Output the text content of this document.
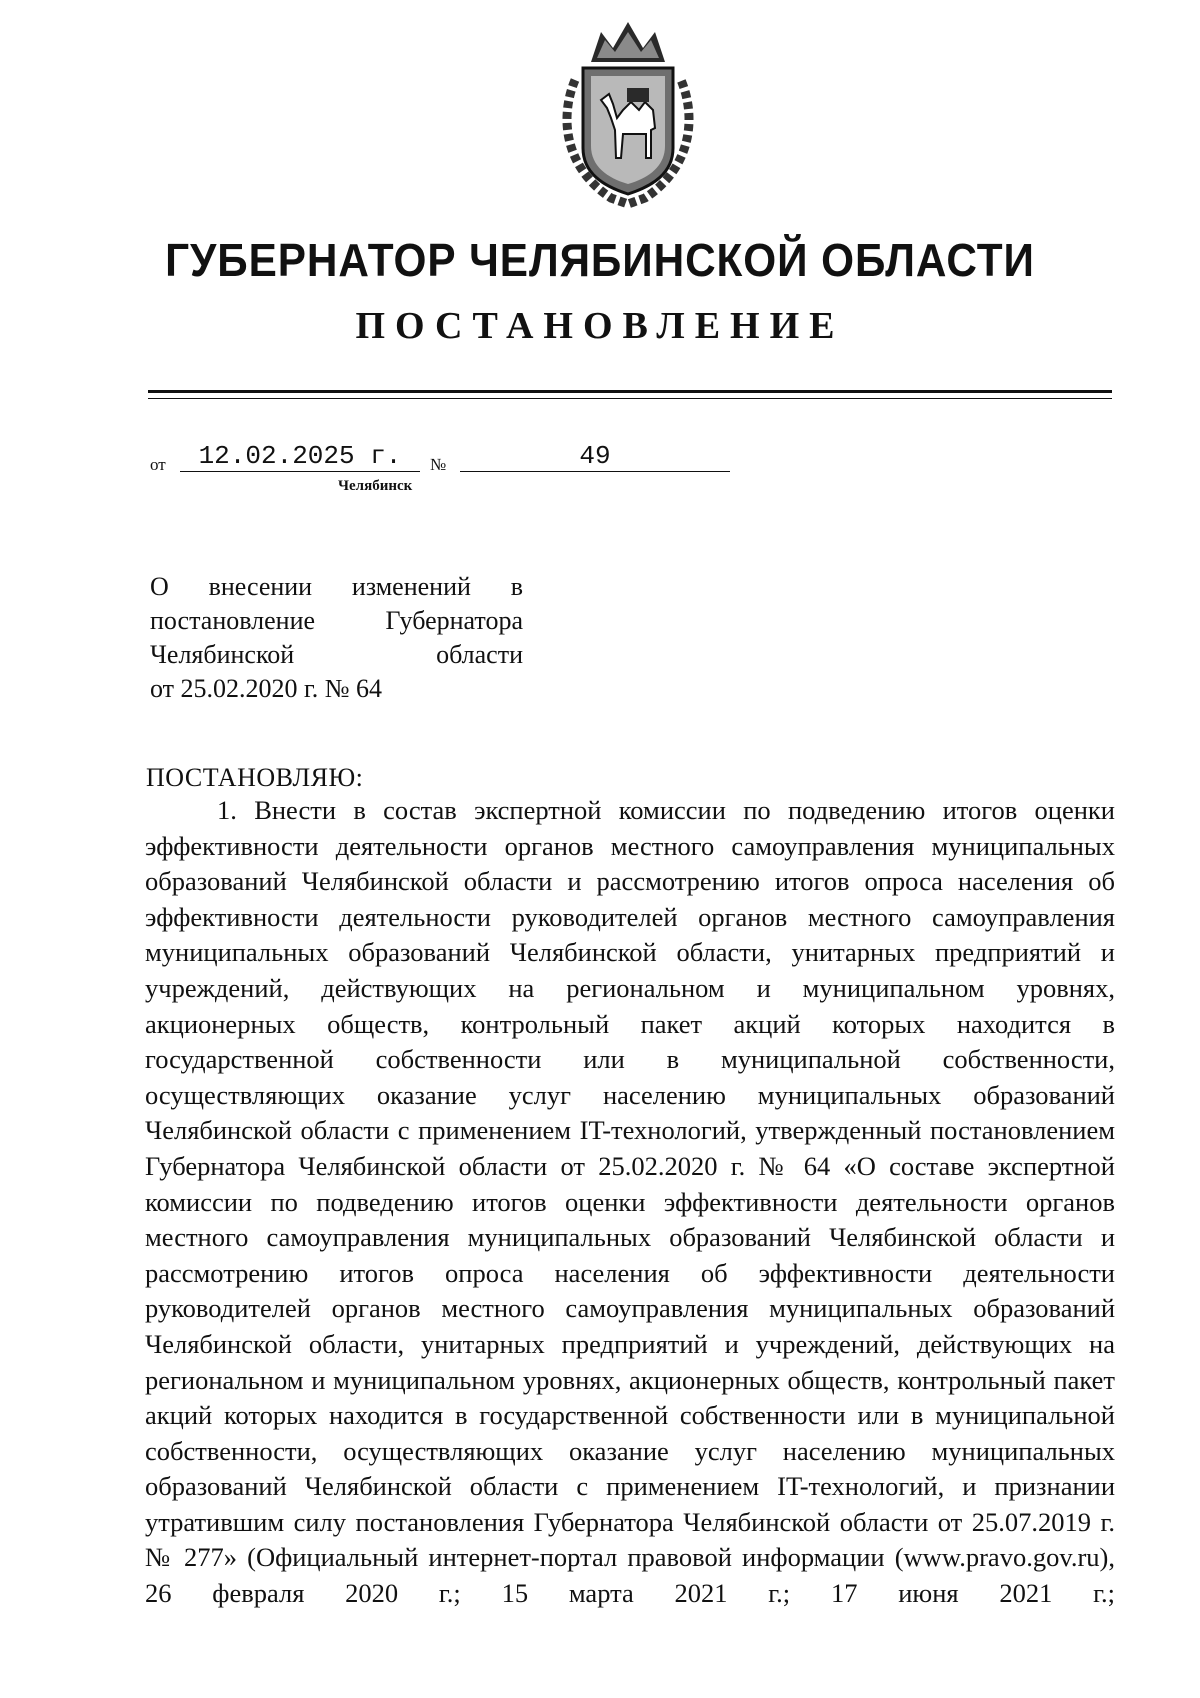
ГУБЕРНАТОР ЧЕЛЯБИНСКОЙ ОБЛАСТИ
ПОСТАНОВЛЕНИЕ
от	12.02.2025 г.	№	49
Челябинск
О внесении изменений в
постановление Губернатора
Челябинской области
от 25.02.2020 г. № 64
ПОСТАНОВЛЯЮ:

1. Внести в состав экспертной комиссии по подведению итогов оценки эффективности деятельности органов местного самоуправления муниципальных образований Челябинской области и рассмотрению итогов опроса населения об эффективности деятельности руководителей органов местного самоуправления муниципальных образований Челябинской области, унитарных предприятий и учреждений, действующих на региональном и муниципальном уровнях, акционерных обществ, контрольный пакет акций которых находится в государственной собственности или в муниципальной собственности, осуществляющих оказание услуг населению муниципальных образований Челябинской области с применением IT-технологий, утвержденный постановлением Губернатора Челябинской области от 25.02.2020 г. № 64 «О составе экспертной комиссии по подведению итогов оценки эффективности деятельности органов местного самоуправления муниципальных образований Челябинской области и рассмотрению итогов опроса населения об эффективности деятельности руководителей органов местного самоуправления муниципальных образований Челябинской области, унитарных предприятий и учреждений, действующих на региональном и муниципальном уровнях, акционерных обществ, контрольный пакет акций которых находится в государственной собственности или в муниципальной собственности, осуществляющих оказание услуг населению муниципальных образований Челябинской области с применением IT-технологий, и признании утратившим силу постановления Губернатора Челябинской области от 25.07.2019 г. № 277» (Официальный интернет-портал правовой информации (www.pravo.gov.ru), 26 февраля 2020 г.; 15 марта 2021 г.; 17 июня 2021 г.;
